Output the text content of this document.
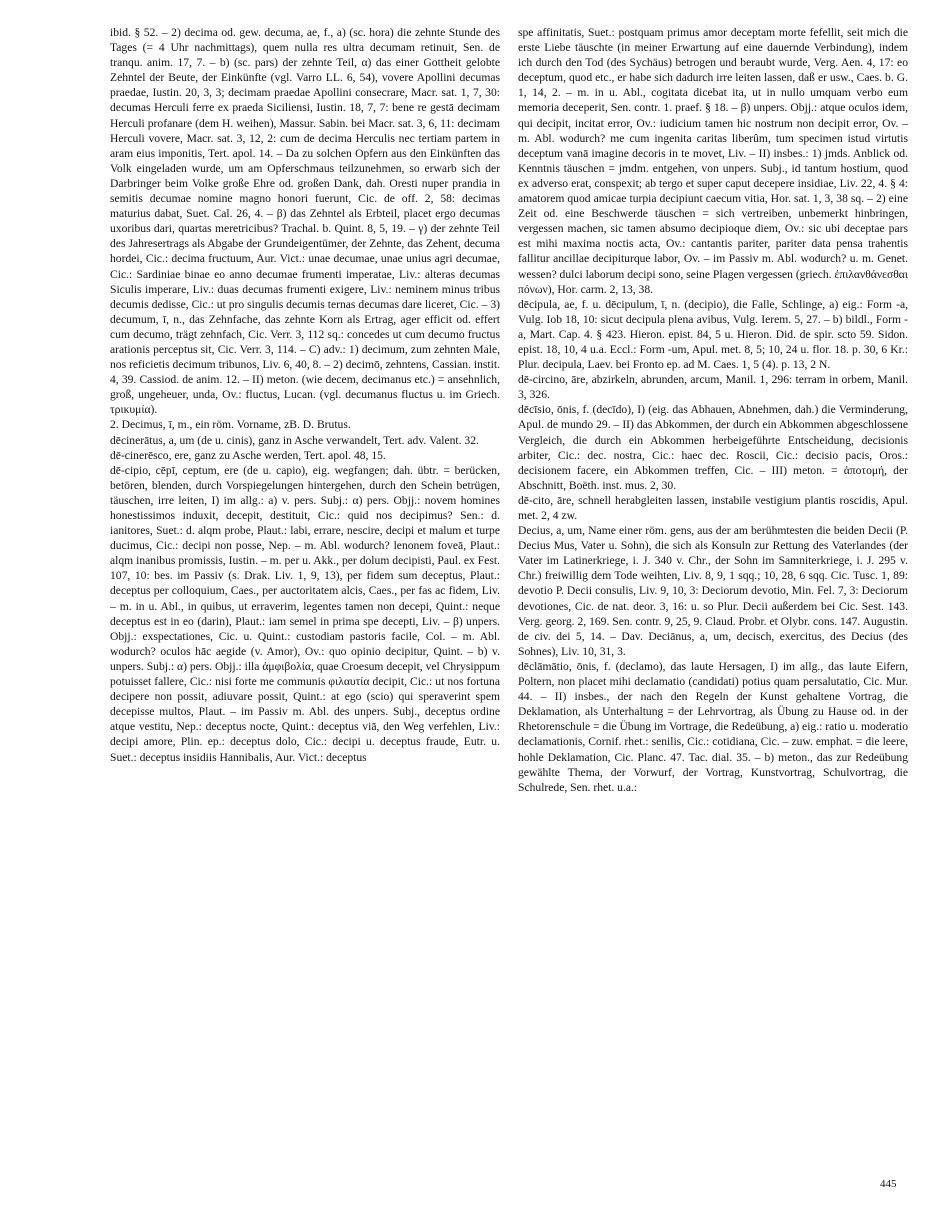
ibid. § 52. – 2) decima od. gew. decuma, ae, f., a) (sc. hora) die zehnte Stunde des Tages (= 4 Uhr nachmittags), quem nulla res ultra decumam retinuit, Sen. de tranqu. anim. 17, 7. – b) (sc. pars) der zehnte Teil, α) das einer Gottheit gelobte Zehntel der Beute, der Einkünfte (vgl. Varro LL. 6, 54), vovere Apollini decumas praedae, Iustin. 20, 3, 3; decimam praedae Apollini consecrare, Macr. sat. 1, 7, 30: decumas Herculi ferre ex praeda Siciliensi, Iustin. 18, 7, 7: bene re gestā decimam Herculi profanare (dem H. weihen), Massur. Sabin. bei Macr. sat. 3, 6, 11: decimam Herculi vovere, Macr. sat. 3, 12, 2: cum de decima Herculis nec tertiam partem in aram eius imponitis, Tert. apol. 14. – Da zu solchen Opfern aus den Einkünften das Volk eingeladen wurde, um am Opferschmaus teilzunehmen, so erwarb sich der Darbringer beim Volke große Ehre od. großen Dank, dah. Oresti nuper prandia in semitis decumae nomine magno honori fuerunt, Cic. de off. 2, 58: decimas maturius dabat, Suet. Cal. 26, 4. – β) das Zehntel als Erbteil, placet ergo decumas uxoribus dari, quartas meretricibus? Trachal. b. Quint. 8, 5, 19. – γ) der zehnte Teil des Jahresertrags als Abgabe der Grundeigentümer, der Zehnte, das Zehent, decuma hordei, Cic.: decima fructuum, Aur. Vict.: unae decumae, unae unius agri decumae, Cic.: Sardiniae binae eo anno decumae frumenti imperatae, Liv.: alteras decumas Siculis imperare, Liv.: duas decumas frumenti exigere, Liv.: neminem minus tribus decumis dedisse, Cic.: ut pro singulis decumis ternas decumas dare liceret, Cic. – 3) decumum, ī, n., das Zehnfache, das zehnte Korn als Ertrag, ager efficit od. effert cum decumo, trägt zehnfach, Cic. Verr. 3, 112 sq.: concedes ut cum decumo fructus arationis perceptus sit, Cic. Verr. 3, 114. – C) adv.: 1) decimum, zum zehnten Male, nos reficietis decimum tribunos, Liv. 6, 40, 8. – 2) decimō, zehntens, Cassian. instit. 4, 39. Cassiod. de anim. 12. – II) meton. (wie decem, decimanus etc.) = ansehnlich, groß, ungeheuer, unda, Ov.: fluctus, Lucan. (vgl. decumanus fluctus u. im Griech. τρικυμία).

2. Decimus, ī, m., ein röm. Vorname, zB. D. Brutus.

dēcinerātus, a, um (de u. cinis), ganz in Asche verwandelt, Tert. adv. Valent. 32.

dē-cinerēsco, ere, ganz zu Asche werden, Tert. apol. 48, 15.

dē-cipio, cēpī, ceptum, ere (de u. capio), eig. wegfangen; dah. übtr. = berücken, betören, blenden, durch Vorspiegelungen hintergehen, durch den Schein betrügen, täuschen, irre leiten, I) im allg.: a) v. pers. Subj.: α) pers. Objj.: novem homines honestissimos induxit, decepit, destituit, Cic.: quid nos decipimus? Sen.: d. ianitores, Suet.: d. alqm probe, Plaut.: labi, errare, nescire, decipi et malum et turpe ducimus, Cic.: decipi non posse, Nep. – m. Abl. wodurch? lenonem foveā, Plaut.: alqm inanibus promissis, Iustin. – m. per u. Akk., per dolum decipisti, Paul. ex Fest. 107, 10: bes. im Passiv (s. Drak. Liv. 1, 9, 13), per fidem sum deceptus, Plaut.: deceptus per colloquium, Caes., per auctoritatem alcis, Caes., per fas ac fidem, Liv. – m. in u. Abl., in quibus, ut erraverim, legentes tamen non decepi, Quint.: neque deceptus est in eo (darin), Plaut.: iam semel in prima spe decepti, Liv. – β) unpers. Objj.: exspectationes, Cic. u. Quint.: custodiam pastoris facile, Col. – m. Abl. wodurch? oculos hāc aegide (v. Amor), Ov.: quo opinio decipitur, Quint. – b) v. unpers. Subj.: α) pers. Objj.: illa ἀμφιβολία, quae Croesum decepit, vel Chrysippum potuisset fallere, Cic.: nisi forte me communis φιλαυτία decipit, Cic.: ut nos fortuna decipere non possit, adiuvare possit, Quint.: at ego (scio) qui speraverint spem decepisse multos, Plaut. – im Passiv m. Abl. des unpers. Subj., deceptus ordine atque vestitu, Nep.: deceptus nocte, Quint.: deceptus viā, den Weg verfehlen, Liv.: decipi amore, Plin. ep.: deceptus dolo, Cic.: decipi u. deceptus fraude, Eutr. u. Suet.: deceptus insidiis Hannibalis, Aur. Vict.: deceptus

spe affinitatis, Suet.: postquam primus amor deceptam morte fefellit, seit mich die erste Liebe täuschte (in meiner Erwartung auf eine dauernde Verbindung), indem ich durch den Tod (des Sychäus) betrogen und beraubt wurde, Verg. Aen. 4, 17: eo deceptum, quod etc., er habe sich dadurch irre leiten lassen, daß er usw., Caes. b. G. 1, 14, 2. – m. in u. Abl., cogitata dicebat ita, ut in nullo umquam verbo eum memoria deceperit, Sen. contr. 1. praef. § 18. – β) unpers. Objj.: atque oculos idem, qui decipit, incitat error, Ov.: iudicium tamen hic nostrum non decipit error, Ov. – m. Abl. wodurch? me cum ingenita caritas liberûm, tum specimen istud virtutis deceptum vanā imagine decoris in te movet, Liv. – II) insbes.: 1) jmds. Anblick od. Kenntnis täuschen = jmdm. entgehen, von unpers. Subj., id tantum hostium, quod ex adverso erat, conspexit; ab tergo et super caput decepere insidiae, Liv. 22, 4. § 4: amatorem quod amicae turpia decipiunt caecum vitia, Hor. sat. 1, 3, 38 sq. – 2) eine Zeit od. eine Beschwerde täuschen = sich vertreiben, unbemerkt hinbringen, vergessen machen, sic tamen absumo decipioque diem, Ov.: sic ubi deceptae pars est mihi maxima noctis acta, Ov.: cantantis pariter, pariter data pensa trahentis fallitur ancillae decipiturque labor, Ov. – im Passiv m. Abl. wodurch? u. m. Genet. wessen? dulci laborum decipi sono, seine Plagen vergessen (griech. ἐπιλανθάνεσθαι πόνων), Hor. carm. 2, 13, 38.

dēcipula, ae, f. u. dēcipulum, ī, n. (decipio), die Falle, Schlinge, a) eig.: Form -a, Vulg. Iob 18, 10: sicut decipula plena avibus, Vulg. Ierem. 5, 27. – b) bildl., Form -a, Mart. Cap. 4. § 423. Hieron. epist. 84, 5 u. Hieron. Did. de spir. scto 59. Sidon. epist. 18, 10, 4 u.a. Eccl.: Form -um, Apul. met. 8, 5; 10, 24 u. flor. 18. p. 30, 6 Kr.: Plur. decipula, Laev. bei Fronto ep. ad M. Caes. 1, 5 (4). p. 13, 2 N.

dē-circino, āre, abzirkeln, abrunden, arcum, Manil. 1, 296: terram in orbem, Manil. 3, 326.

dēcīsio, ōnis, f. (decīdo), I) (eig. das Abhauen, Abnehmen, dah.) die Verminderung, Apul. de mundo 29. – II) das Abkommen, der durch ein Abkommen abgeschlossene Vergleich, die durch ein Abkommen herbeigeführte Entscheidung, decisionis arbiter, Cic.: dec. nostra, Cic.: haec dec. Roscii, Cic.: decisio pacis, Oros.: decisionem facere, ein Abkommen treffen, Cic. – III) meton. = ἀποτομή, der Abschnitt, Boëth. inst. mus. 2, 30.

dē-cito, āre, schnell herabgleiten lassen, instabile vestigium plantis roscidis, Apul. met. 2, 4 zw.

Decius, a, um, Name einer röm. gens, aus der am berühmtesten die beiden Decii (P. Decius Mus, Vater u. Sohn), die sich als Konsuln zur Rettung des Vaterlandes (der Vater im Latinerkriege, i. J. 340 v. Chr., der Sohn im Samniterkriege, i. J. 295 v. Chr.) freiwillig dem Tode weihten, Liv. 8, 9, 1 sqq.; 10, 28, 6 sqq. Cic. Tusc. 1, 89: devotio P. Decii consulis, Liv. 9, 10, 3: Deciorum devotio, Min. Fel. 7, 3: Deciorum devotiones, Cic. de nat. deor. 3, 16: u. so Plur. Decii außerdem bei Cic. Sest. 143. Verg. georg. 2, 169. Sen. contr. 9, 25, 9. Claud. Probr. et Olybr. cons. 147. Augustin. de civ. dei 5, 14. – Dav. Deciānus, a, um, decisch, exercitus, des Decius (des Sohnes), Liv. 10, 31, 3.

dēclāmātio, ōnis, f. (declamo), das laute Hersagen, I) im allg., das laute Eifern, Poltern, non placet mihi declamatio (candidati) potius quam persalutatio, Cic. Mur. 44. – II) insbes., der nach den Regeln der Kunst gehaltene Vortrag, die Deklamation, als Unterhaltung = der Lehrvortrag, als Übung zu Hause od. in der Rhetorenschule = die Übung im Vortrage, die Redeübung, a) eig.: ratio u. moderatio declamationis, Cornif. rhet.: senilis, Cic.: cotidiana, Cic. – zuw. emphat. = die leere, hohle Deklamation, Cic. Planc. 47. Tac. dial. 35. – b) meton., das zur Redeübung gewählte Thema, der Vorwurf, der Vortrag, Kunstvortrag, Schulvortrag, die Schulrede, Sen. rhet. u.a.:

445
